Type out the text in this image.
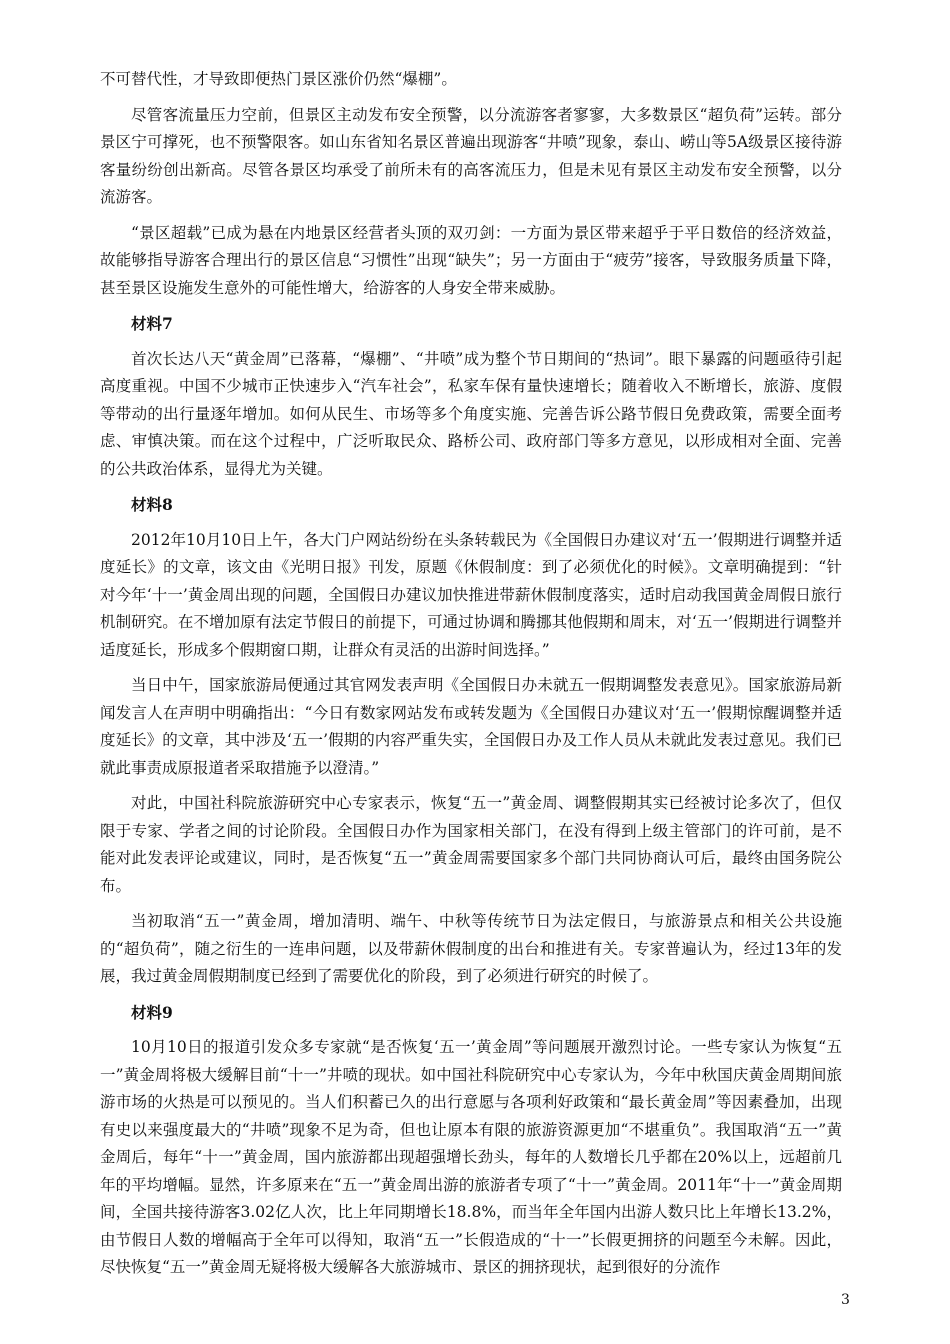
不可替代性，才导致即便热门景区涨价仍然“爆棚”。

尽管客流量压力空前，但景区主动发布安全预警，以分流游客者寥寥，大多数景区“超负荷”运转。部分景区宁可撑死，也不预警限客。如山东省知名景区普遍出现游客“井喷”现象，泰山、崂山等5A级景区接待游客量纷纷创出新高。尽管各景区均承受了前所未有的高客流压力，但是未见有景区主动发布安全预警，以分流游客。

“景区超载”已成为悬在内地景区经营者头顶的双刃剑：一方面为景区带来超乎于平日数倍的经济效益，故能够指导游客合理出行的景区信息“习惯性”出现“缺失”；另一方面由于“疲劳”接客，导致服务质量下降，甚至景区设施发生意外的可能性增大，给游客的人身安全带来威胁。

材料7

首次长达八天“黄金周”已落幕，“爆棚”、“井喷”成为整个节日期间的“热词”。眼下暴露的问题亟待引起高度重视。中国不少城市正快速步入“汽车社会”，私家车保有量快速增长；随着收入不断增长，旅游、度假等带动的出行量逐年增加。如何从民生、市场等多个角度实施、完善告诉公路节假日免费政策，需要全面考虑、审慎决策。而在这个过程中，广泛听取民众、路桥公司、政府部门等多方意见，以形成相对全面、完善的公共政治体系，显得尤为关键。

材料8

2012年10月10日上午，各大门户网站纷纷在头条转载民为《全国假日办建议对‘五一’假期进行调整并适度延长》的文章，该文由《光明日报》刊发，原题《休假制度：到了必须优化的时候》。文章明确提到：“针对今年‘十一’黄金周出现的问题，全国假日办建议加快推进带薪休假制度落实，适时启动我国黄金周假日旅行机制研究。在不增加原有法定节假日的前提下，可通过协调和腾挪其他假期和周末，对‘五一’假期进行调整并适度延长，形成多个假期窗口期，让群众有灵活的出游时间选择。”

当日中午，国家旅游局便通过其官网发表声明《全国假日办未就五一假期调整发表意见》。国家旅游局新闻发言人在声明中明确指出：“今日有数家网站发布或转发题为《全国假日办建议对‘五一’假期惊醒调整并适度延长》的文章，其中涉及‘五一’假期的内容严重失实，全国假日办及工作人员从未就此发表过意见。我们已就此事责成原报道者采取措施予以澄清。”

对此，中国社科院旅游研究中心专家表示，恢复“五一”黄金周、调整假期其实已经被讨论多次了，但仅限于专家、学者之间的讨论阶段。全国假日办作为国家相关部门，在没有得到上级主管部门的许可前，是不能对此发表评论或建议，同时，是否恢复“五一”黄金周需要国家多个部门共同协商认可后，最终由国务院公布。

当初取消“五一”黄金周，增加清明、端午、中秋等传统节日为法定假日，与旅游景点和相关公共设施的“超负荷”，随之衍生的一连串问题，以及带薪休假制度的出台和推进有关。专家普遍认为，经过13年的发展，我过黄金周假期制度已经到了需要优化的阶段，到了必须进行研究的时候了。

材料9

10月10日的报道引发众多专家就“是否恢复‘五一’黄金周”等问题展开激烈讨论。一些专家认为恢复“五一”黄金周将极大缓解目前“十一”井喷的现状。如中国社科院研究中心专家认为，今年中秋国庆黄金周期间旅游市场的火热是可以预见的。当人们积蓄已久的出行意愿与各项利好政策和“最长黄金周”等因素叠加，出现有史以来强度最大的“井喷”现象不足为奇，但也让原本有限的旅游资源更加“不堪重负”。我国取消“五一”黄金周后，每年“十一”黄金周，国内旅游都出现超强增长劲头，每年的人数增长几乎都在20%以上，远超前几年的平均增幅。显然，许多原来在“五一”黄金周出游的旅游者专项了“十一”黄金周。2011年“十一”黄金周期间，全国共接待游客3.02亿人次，比上年同期增长18.8%，而当年全年国内出游人数只比上年增长13.2%，由节假日人数的增幅高于全年可以得知，取消“五一”长假造成的“十一”长假更拥挤的问题至今未解。因此，尽快恢复“五一”黄金周无疑将极大缓解各大旅游城市、景区的拥挤现状，起到很好的分流作

3
